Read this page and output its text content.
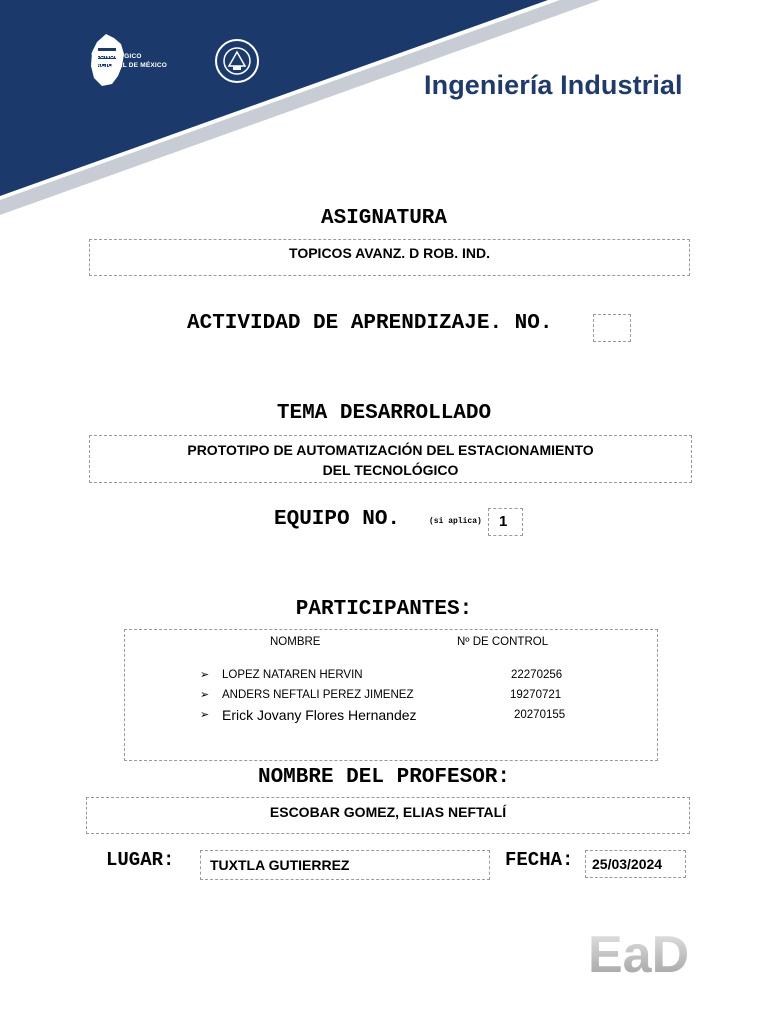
TECNOLÓGICO
NACIONAL DE MÉXICO
Ingeniería Industrial
ASIGNATURA
TOPICOS AVANZ. D ROB. IND.
ACTIVIDAD DE APRENDIZAJE. NO.
TEMA DESARROLLADO
PROTOTIPO DE AUTOMATIZACIÓN DEL ESTACIONAMIENTO
DEL TECNOLÓGICO
EQUIPO NO.	(si aplica)	1
PARTICIPANTES:
NOMBRE	Nº DE CONTROL
➢ LOPEZ NATAREN HERVIN	22270256
➢ ANDERS NEFTALI PEREZ JIMENEZ	19270721
➢ Erick Jovany Flores Hernandez	20270155
NOMBRE DEL PROFESOR:
ESCOBAR GOMEZ, ELIAS NEFTALÍ
LUGAR:	TUXTLA GUTIERREZ	FECHA:	25/03/2024
EaD
